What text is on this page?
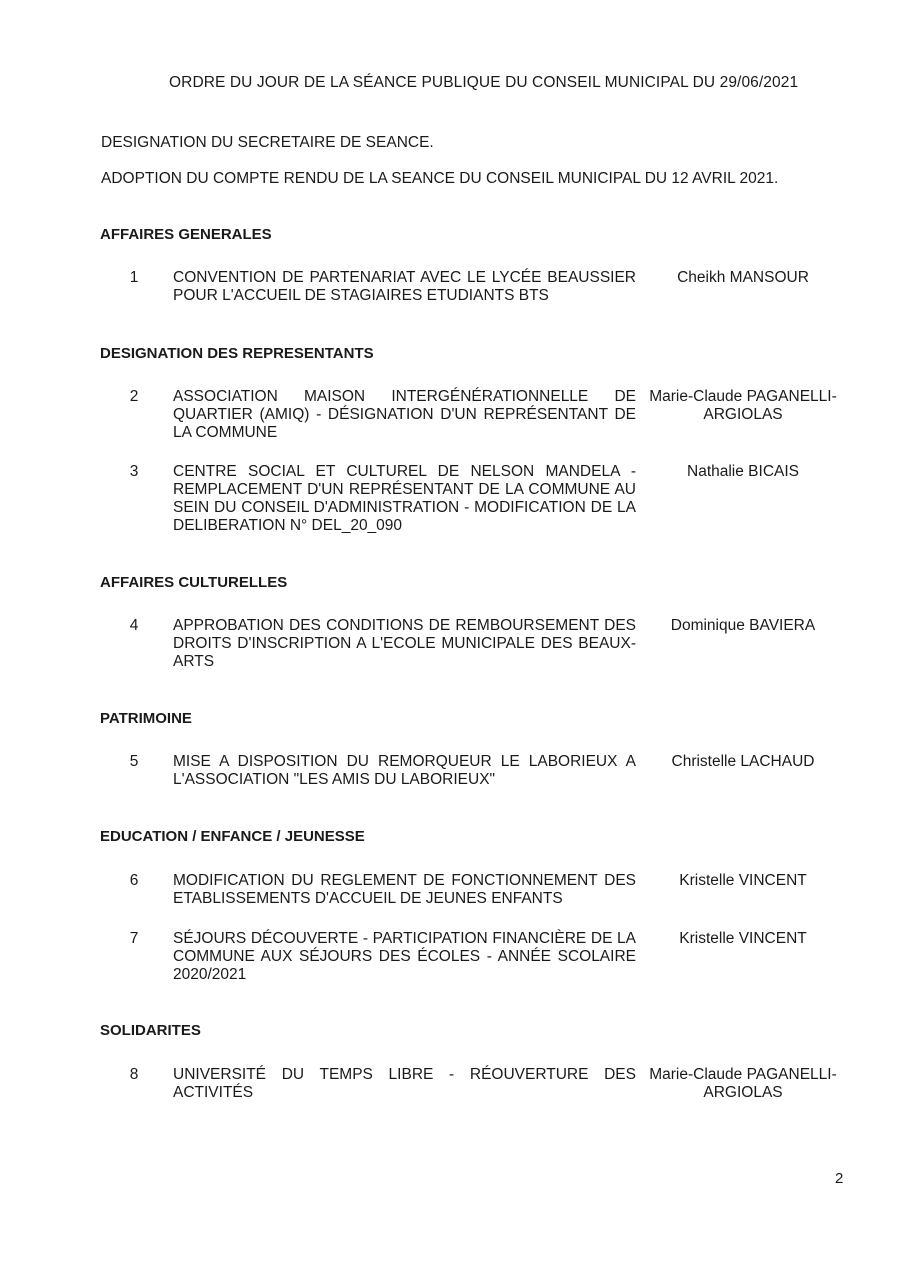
ORDRE DU JOUR DE LA SÉANCE PUBLIQUE DU CONSEIL MUNICIPAL DU 29/06/2021
DESIGNATION DU SECRETAIRE DE SEANCE.
ADOPTION DU COMPTE RENDU DE LA SEANCE DU CONSEIL MUNICIPAL DU 12 AVRIL 2021.
AFFAIRES GENERALES
1 CONVENTION DE PARTENARIAT AVEC LE LYCÉE BEAUSSIER POUR L'ACCUEIL DE STAGIAIRES ETUDIANTS BTS
Cheikh MANSOUR
DESIGNATION DES REPRESENTANTS
2 ASSOCIATION MAISON INTERGÉNÉRATIONNELLE DE QUARTIER (AMIQ) - DÉSIGNATION D'UN REPRÉSENTANT DE LA COMMUNE
Marie-Claude PAGANELLI-ARGIOLAS
3 CENTRE SOCIAL ET CULTUREL DE NELSON MANDELA - REMPLACEMENT D'UN REPRÉSENTANT DE LA COMMUNE AU SEIN DU CONSEIL D'ADMINISTRATION - MODIFICATION DE LA DELIBERATION N° DEL_20_090
Nathalie BICAIS
AFFAIRES CULTURELLES
4 APPROBATION DES CONDITIONS DE REMBOURSEMENT DES DROITS D'INSCRIPTION A L'ECOLE MUNICIPALE DES BEAUX-ARTS
Dominique BAVIERA
PATRIMOINE
5 MISE A DISPOSITION DU REMORQUEUR LE LABORIEUX A L'ASSOCIATION "LES AMIS DU LABORIEUX"
Christelle LACHAUD
EDUCATION / ENFANCE / JEUNESSE
6 MODIFICATION DU REGLEMENT DE FONCTIONNEMENT DES ETABLISSEMENTS D'ACCUEIL DE JEUNES ENFANTS
Kristelle VINCENT
7 SÉJOURS DÉCOUVERTE - PARTICIPATION FINANCIÈRE DE LA COMMUNE AUX SÉJOURS DES ÉCOLES - ANNÉE SCOLAIRE 2020/2021
Kristelle VINCENT
SOLIDARITES
8 UNIVERSITÉ DU TEMPS LIBRE - RÉOUVERTURE DES ACTIVITÉS
Marie-Claude PAGANELLI-ARGIOLAS
2
